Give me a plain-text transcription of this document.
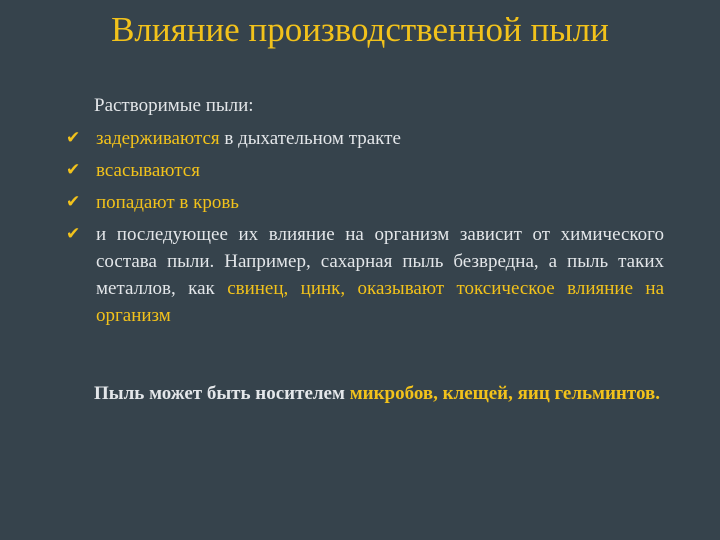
Влияние производственной пыли
Растворимые пыли:
✔ задерживаются в дыхательном тракте
✔ всасываются
✔ попадают в кровь
✔ и последующее их влияние на организм зависит от химического состава пыли. Например, сахарная пыль безвредна, а пыль таких металлов, как свинец, цинк, оказывают токсическое влияние на организм
Пыль может быть носителем микробов, клещей, яиц гельминтов.
